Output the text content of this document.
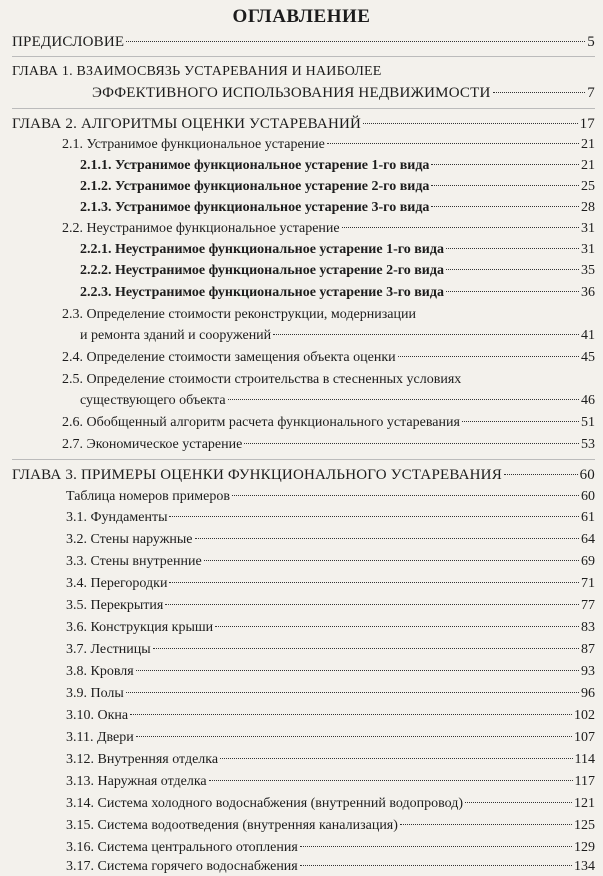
ОГЛАВЛЕНИЕ
ПРЕДИСЛОВИЕ	5
ГЛАВА 1. ВЗАИМОСВЯЗЬ УСТАРЕВАНИЯ И НАИБОЛЕЕ
ЭФФЕКТИВНОГО ИСПОЛЬЗОВАНИЯ НЕДВИЖИМОСТИ	7
ГЛАВА 2. АЛГОРИТМЫ ОЦЕНКИ УСТАРЕВАНИЙ	17
2.1. Устранимое функциональное устарение	21
2.1.1. Устранимое функциональное устарение 1-го вида	21
2.1.2. Устранимое функциональное устарение 2-го вида	25
2.1.3. Устранимое функциональное устарение 3-го вида	28
2.2. Неустранимое функциональное устарение	31
2.2.1. Неустранимое функциональное устарение 1-го вида	31
2.2.2. Неустранимое функциональное устарение 2-го вида	35
2.2.3. Неустранимое функциональное устарение 3-го вида	36
2.3. Определение стоимости реконструкции, модернизации
и ремонта зданий и сооружений	41
2.4. Определение стоимости замещения объекта оценки	45
2.5. Определение стоимости строительства в стесненных условиях
существующего объекта	46
2.6. Обобщенный алгоритм расчета функционального устаревания	51
2.7. Экономическое устарение	53
ГЛАВА 3. ПРИМЕРЫ ОЦЕНКИ ФУНКЦИОНАЛЬНОГО УСТАРЕВАНИЯ	60
Таблица номеров примеров	60
3.1. Фундаменты	61
3.2. Стены наружные	64
3.3. Стены внутренние	69
3.4. Перегородки	71
3.5. Перекрытия	77
3.6. Конструкция крыши	83
3.7. Лестницы	87
3.8. Кровля	93
3.9. Полы	96
3.10. Окна	102
3.11. Двери	107
3.12. Внутренняя отделка	114
3.13. Наружная отделка	117
3.14. Система холодного водоснабжения (внутренний водопровод)	121
3.15. Система водоотведения (внутренняя канализация)	125
3.16. Система центрального отопления	129
3.17. Система горячего водоснабжения	134
